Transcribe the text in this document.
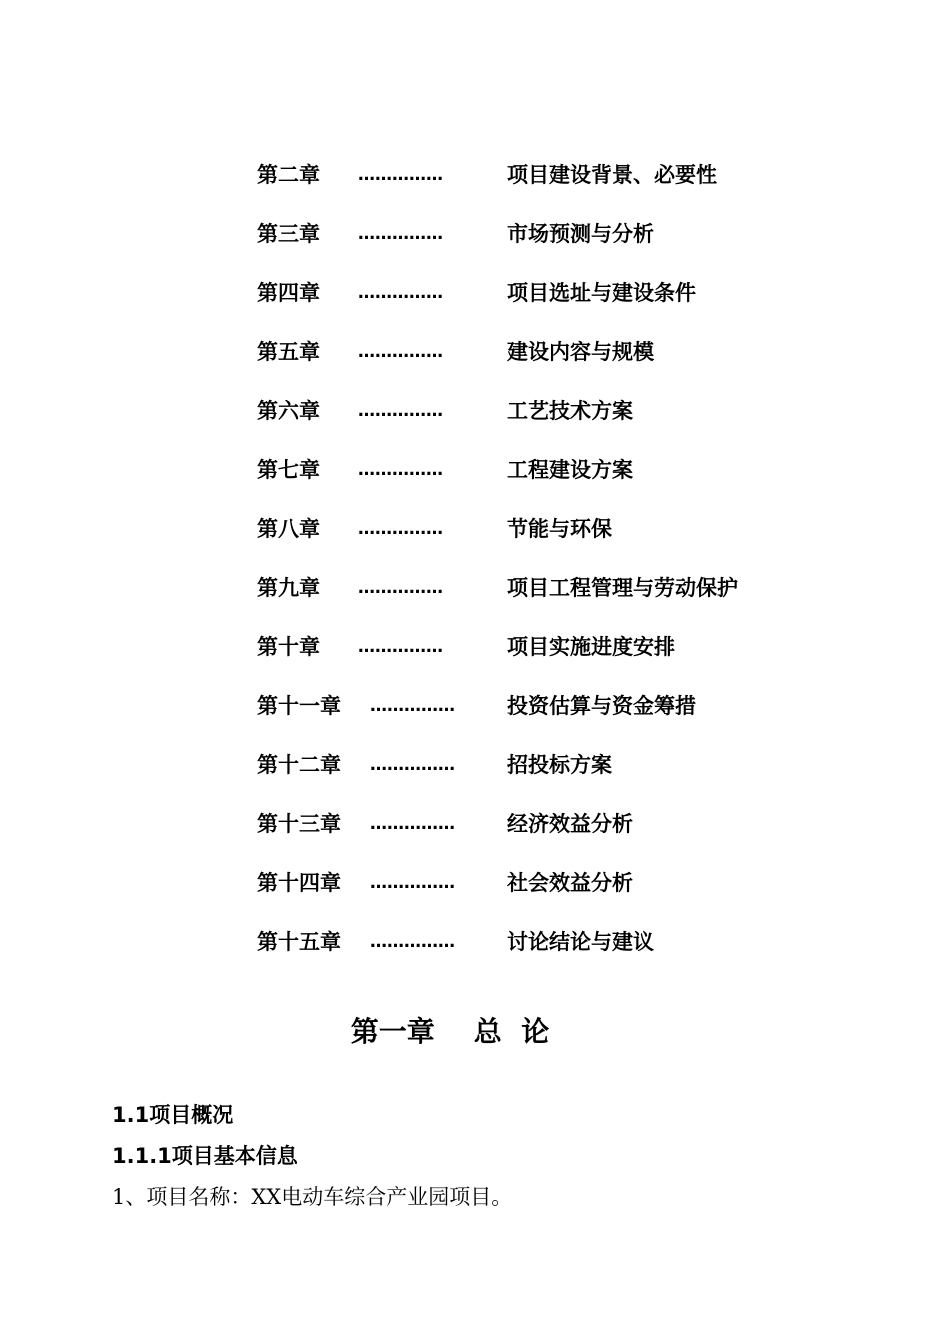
第二章 ……………	项目建设背景、必要性
第三章 ……………	市场预测与分析
第四章 ……………	项目选址与建设条件
第五章 ……………	建设内容与规模
第六章 ……………	工艺技术方案
第七章 ……………	工程建设方案
第八章 ……………	节能与环保
第九章 ……………	项目工程管理与劳动保护
第十章 ……………	项目实施进度安排
第十一章 …………… 投资估算与资金筹措
第十二章 …………… 招投标方案
第十三章 …………… 经济效益分析
第十四章 …………… 社会效益分析
第十五章 …………… 讨论结论与建议
第一章    总  论
1.1项目概况
1.1.1项目基本信息
1、项目名称：XX电动车综合产业园项目。
